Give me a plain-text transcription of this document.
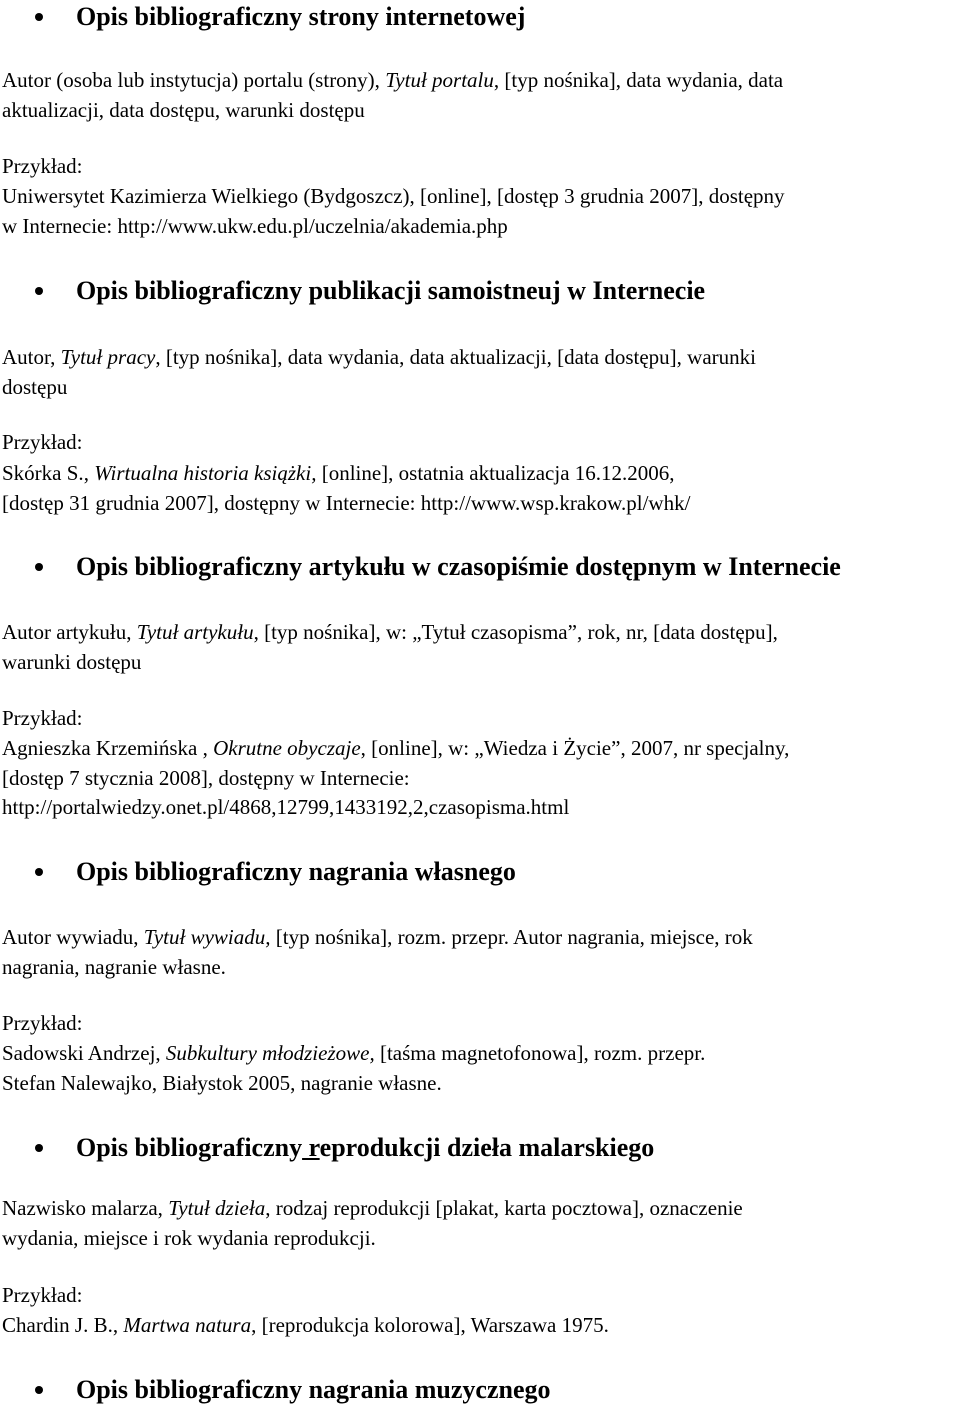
Opis bibliograficzny strony internetowej
Autor (osoba lub instytucja) portalu (strony), Tytuł portalu, [typ nośnika], data wydania, data
aktualizacji, data dostępu, warunki dostępu
Przykład:
Uniwersytet Kazimierza Wielkiego (Bydgoszcz), [online], [dostęp 3 grudnia 2007], dostępny
w Internecie: http://www.ukw.edu.pl/uczelnia/akademia.php
Opis bibliograficzny publikacji samoistneuj w Internecie
Autor, Tytuł pracy, [typ nośnika], data wydania, data aktualizacji, [data dostępu], warunki
dostępu
Przykład:
Skórka S., Wirtualna historia książki, [online], ostatnia aktualizacja 16.12.2006,
[dostęp 31 grudnia 2007], dostępny w Internecie: http://www.wsp.krakow.pl/whk/
Opis bibliograficzny artykułu w czasopiśmie dostępnym w Internecie
Autor artykułu, Tytuł artykułu, [typ nośnika], w: „Tytuł czasopisma”, rok, nr, [data dostępu],
warunki dostępu
Przykład:
Agnieszka Krzemińska , Okrutne obyczaje, [online], w: „Wiedza i Życie”, 2007, nr specjalny,
[dostęp 7 stycznia 2008], dostępny w Internecie:
http://portalwiedzy.onet.pl/4868,12799,1433192,2,czasopisma.html
Opis bibliograficzny nagrania własnego
Autor wywiadu, Tytuł wywiadu, [typ nośnika], rozm. przepr. Autor nagrania, miejsce, rok
nagrania, nagranie własne.
Przykład:
Sadowski Andrzej, Subkultury młodzieżowe, [taśma magnetofonowa], rozm. przepr.
Stefan Nalewajko, Białystok 2005, nagranie własne.
Opis bibliograficzny reprodukcji dzieła malarskiego
Nazwisko malarza, Tytuł dzieła, rodzaj reprodukcji [plakat, karta pocztowa], oznaczenie
wydania, miejsce i rok wydania reprodukcji.
Przykład:
Chardin J. B., Martwa natura, [reprodukcja kolorowa], Warszawa 1975.
Opis bibliograficzny nagrania muzycznego
